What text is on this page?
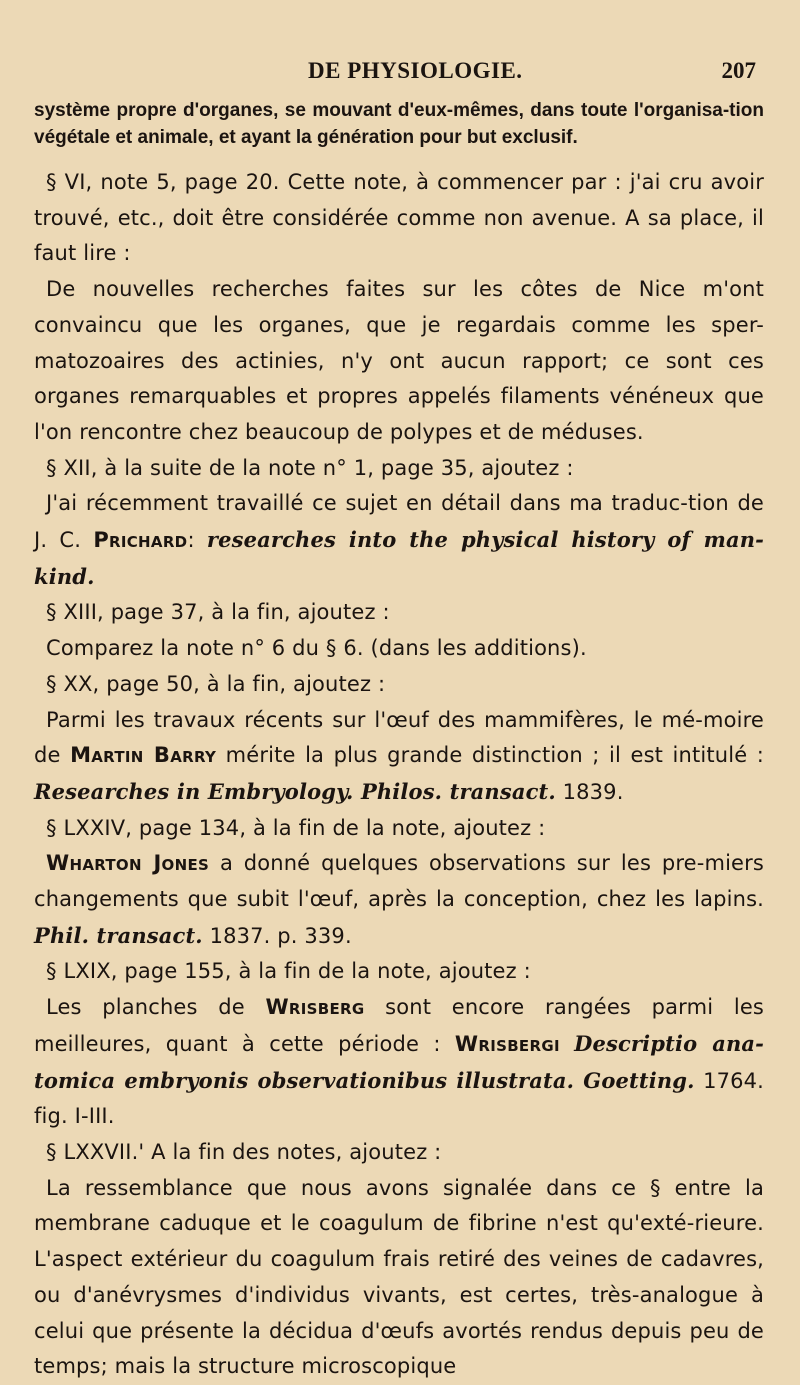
DE PHYSIOLOGIE.	207

système propre d'organes, se mouvant d'eux-mêmes, dans toute l'organisa-tion végétale et animale, et ayant la génération pour but exclusif.

§ VI, note 5, page 20. Cette note, à commencer par : j'ai cru avoir trouvé, etc., doit être considérée comme non avenue. A sa place, il faut lire :

De nouvelles recherches faites sur les côtes de Nice m'ont convaincu que les organes, que je regardais comme les sper-matozoaires des actinies, n'y ont aucun rapport; ce sont ces organes remarquables et propres appelés filaments vénéneux que l'on rencontre chez beaucoup de polypes et de méduses.

§ XII, à la suite de la note n° 1, page 35, ajoutez :

J'ai récemment travaillé ce sujet en détail dans ma traduc-tion de J. C. Prichard: researches into the physical history of man-kind.

§ XIII, page 37, à la fin, ajoutez :

Comparez la note n° 6 du § 6. (dans les additions).

§ XX, page 50, à la fin, ajoutez :

Parmi les travaux récents sur l'œuf des mammifères, le mé-moire de Martin Barry mérite la plus grande distinction ; il est intitulé : Researches in Embryology. Philos. transact. 1839.

§ LXXIV, page 134, à la fin de la note, ajoutez :

Wharton Jones a donné quelques observations sur les pre-miers changements que subit l'œuf, après la conception, chez les lapins. Phil. transact. 1837. p. 339.

§ LXIX, page 155, à la fin de la note, ajoutez :

Les planches de Wrisberg sont encore rangées parmi les meilleures, quant à cette période : Wrisbergi Descriptio ana-tomica embryonis observationibus illustrata. Goetting. 1764. fig. I-III.

§ LXXVII.' A la fin des notes, ajoutez :

La ressemblance que nous avons signalée dans ce § entre la membrane caduque et le coagulum de fibrine n'est qu'exté-rieure. L'aspect extérieur du coagulum frais retiré des veines de cadavres, ou d'anévrysmes d'individus vivants, est certes, très-analogue à celui que présente la décidua d'œufs avortés rendus depuis peu de temps; mais la structure microscopique
